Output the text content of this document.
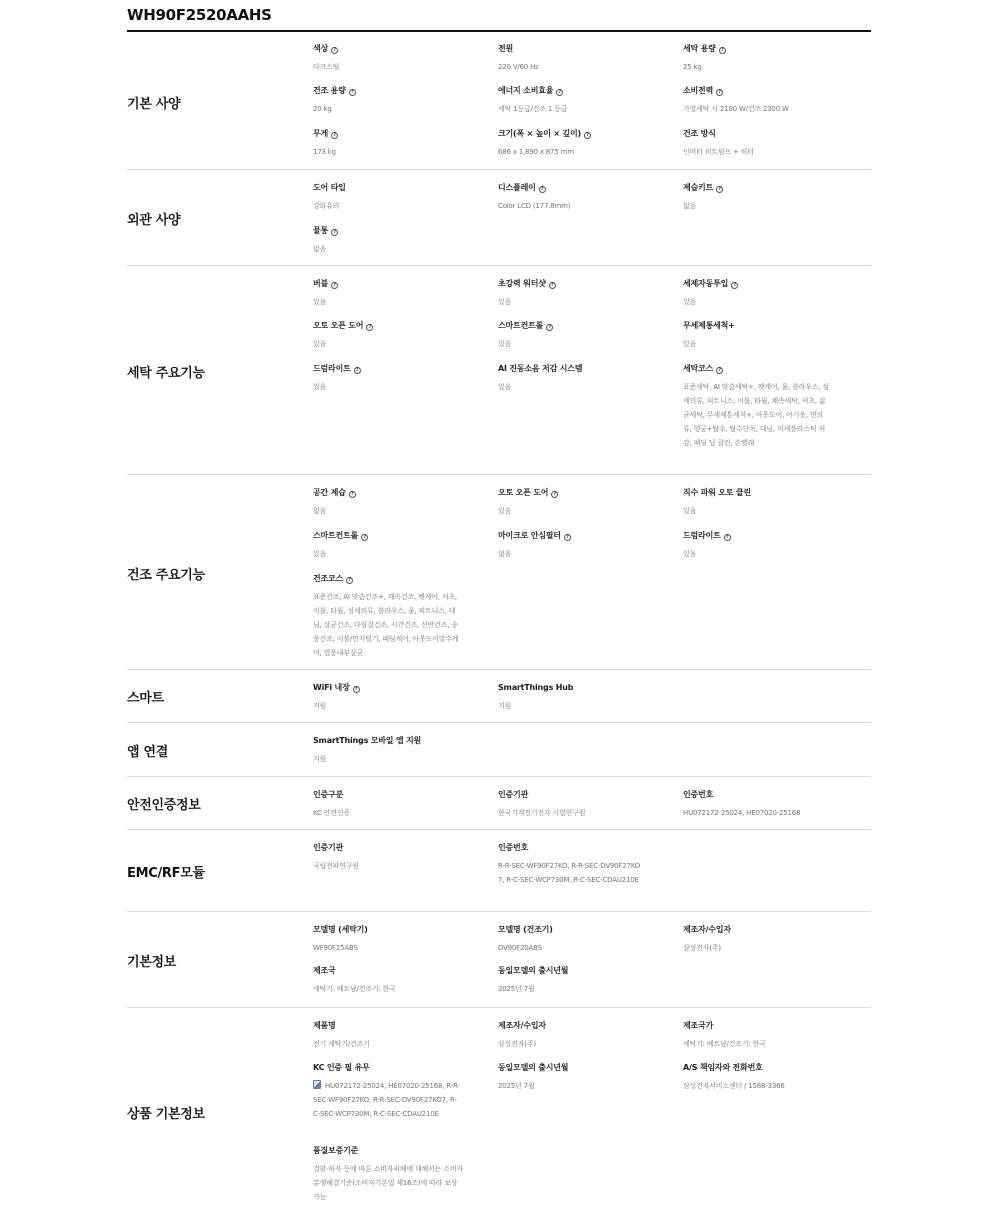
WH90F2520AAHS
기본 사양
색상 ?
다크스틸
전원
220 V/60 Hz
세탁 용량 ?
25 kg
건조 용량 ?
20 kg
에너지 소비효율 ?
세탁 1등급/건조 1 등급
소비전력 ?
가열세탁 시 2100 W/건조 2300 W
무게 ?
173 kg
크기(폭 × 높이 × 깊이) ?
686 x 1,890 x 875 mm
건조 방식
인버터 히트펌프 + 히터
외관 사양
도어 타입
강화유리
디스플레이 ?
Color LCD (177.8mm)
제습키트 ?
없음
물통 ?
없음
세탁 주요기능
버블 ?
있음
초강력 워터샷 ?
있음
세제자동투입 ?
있음
오토 오픈 도어 ?
있음
스마트컨트롤 ?
있음
무세제통세척+
있음
드럼라이트 ?
있음
AI 진동소음 저감 시스템
있음
세탁코스 ?
표준세탁, AI 맞춤세탁+, 펫케어, 울, 블라우스, 섬세의류, 피트니스, 이불, 타월, 쾌속세탁, 셔츠, 삶균세탁, 무세제통세척+, 아웃도어, 아기옷, 면의류, 헹굼+탈수, 탈수단독, 데님, 미세플라스틱 저감, 패딩 딥 클린, 손빨래
건조 주요기능
공간 제습 ?
없음
오토 오픈 도어 ?
있음
직수 파워 오토 클린
있음
스마트컨트롤 ?
있음
마이크로 안심필터 ?
없음
드럼라이트 ?
있음
건조코스 ?
표준건조, AI 맞춤건조+, 쾌속건조, 펫케어, 셔츠, 이불, 타월, 섬세의류, 블라우스, 울, 피트니스, 데님, 살균건조, 다림질건조, 시간건조, 선반건조, 송풍건조, 이불/먼지털기, 패딩케어, 아웃도어발수케어, 열풍내부살균
스마트
WiFi 내장 ?
지원
SmartThings Hub
지원
앱 연결
SmartThings 모바일 앱 지원
지원
안전인증정보
인증구분
KC 안전인증
인증기관
한국기계전기전자 시험연구원
인증번호
HU072172-25024, HE07020-25168
EMC/RF모듈
인증기관
국립전파연구원
인증번호
R-R-SEC-WF90F27KO, R-R-SEC-DV90F27KO7, R-C-SEC-WCP730M, R-C-SEC-CDAU210E
기본정보
모델명 (세탁기)
WF90F25ABS
모델명 (건조기)
DV90F20ABS
제조자/수입자
삼성전자(주)
제조국
세탁기: 베트남/건조기: 한국
동일모델의 출시년월
2025년 7월
상품 기본정보
제품명
전기 세탁기/건조기
제조자/수입자
삼성전자(주)
제조국가
세탁기: 베트남/건조기: 한국
KC 인증 필 유무
HU072172-25024, HE07020-25168, R-R-SEC-WF90F27KO, R-R-SEC-DV90F27KO7, R-C-SEC-WCP730M, R-C-SEC-CDAU210E
동일모델의 출시년월
2025년 7월
A/S 책임자와 전화번호
삼성전자서비스센터 / 1588-3366
품질보증기준
결함·하자 등에 따른 소비자피해에 대해서는 소비자분쟁해결기준(소비자기본법 제16조)에 따라 보상 가능
